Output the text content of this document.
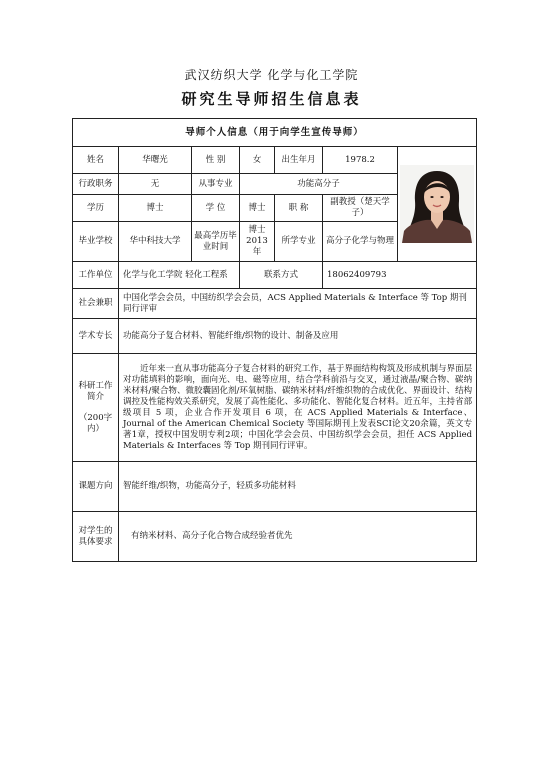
武汉纺织大学 化学与化工学院
研究生导师招生信息表
导师个人信息（用于向学生宣传导师）						
姓名	华曙光	性 别	女	出生年月	1978.2	

行政职务	无	从事专业	功能高分子			
学历	博士	学 位	博士	职 称	副教授（楚天学子）	
毕业学校	华中科技大学	最高学历毕业时间	博士 2013年	所学专业	高分子化学与物理	
工作单位	化学与化工学院 轻化工程系		联系方式		18062409793	
社会兼职	中国化学会会员，中国纺织学会会员，ACS Applied Materials & Interface 等 Top 期刊同行评审					
学术专长	功能高分子复合材料、智能纤维/织物的设计、制备及应用					

科研工作简介
（200字内）	近年来一直从事功能高分子复合材料的研究工作，基于界面结构构筑及形成机制与界面层对功能填料的影响，面向光、电、磁等应用，结合学科前沿与交叉，通过液晶/聚合物、碳纳米材料/聚合物、微胶囊固化剂/环氧树脂、碳纳米材料/纤维织物的合成优化、界面设计、结构调控及性能构效关系研究，发展了高性能化、多功能化、智能化复合材料。近五年，主持省部级项目 5 项，企业合作开发项目 6 项，在 ACS Applied Materials & Interface、Journal of the American Chemical Society 等国际期刊上发表SCI论文20余篇，英文专著1章，授权中国发明专利2项；中国化学会会员、中国纺织学会会员，担任 ACS Applied Materials & Interfaces 等 Top 期刊同行评审。					

课题方向	智能纤维/织物，功能高分子，轻质多功能材料					
对学生的具体要求	有纳米材料、高分子化合物合成经验者优先					
